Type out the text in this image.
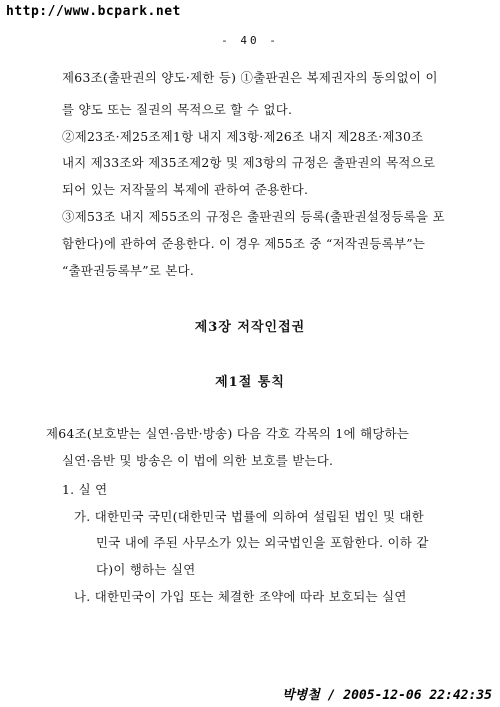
http://www.bcpark.net
- 40 -
제63조(출판권의 양도·제한 등) ①출판권은 복제권자의 동의없이 이
를 양도 또는 질권의 목적으로 할 수 없다.
②제23조·제25조제1항 내지 제3항·제26조 내지 제28조·제30조
내지 제33조와 제35조제2항 및 제3항의 규정은 출판권의 목적으로
되어 있는 저작물의 복제에 관하여 준용한다.
③제53조 내지 제55조의 규정은 출판권의 등록(출판권설정등록을 포
함한다)에 관하여 준용한다. 이 경우 제55조 중 “저작권등록부”는
“출판권등록부”로 본다.
제3장 저작인접권
제1절 통칙
제64조(보호받는 실연·음반·방송) 다음 각호 각목의 1에 해당하는
실연·음반 및 방송은 이 법에 의한 보호를 받는다.
1. 실 연
가. 대한민국 국민(대한민국 법률에 의하여 설립된 법인 및 대한
민국 내에 주된 사무소가 있는 외국법인을 포함한다. 이하 같
다)이 행하는 실연
나. 대한민국이 가입 또는 체결한 조약에 따라 보호되는 실연
박병철 / 2005-12-06 22:42:35
